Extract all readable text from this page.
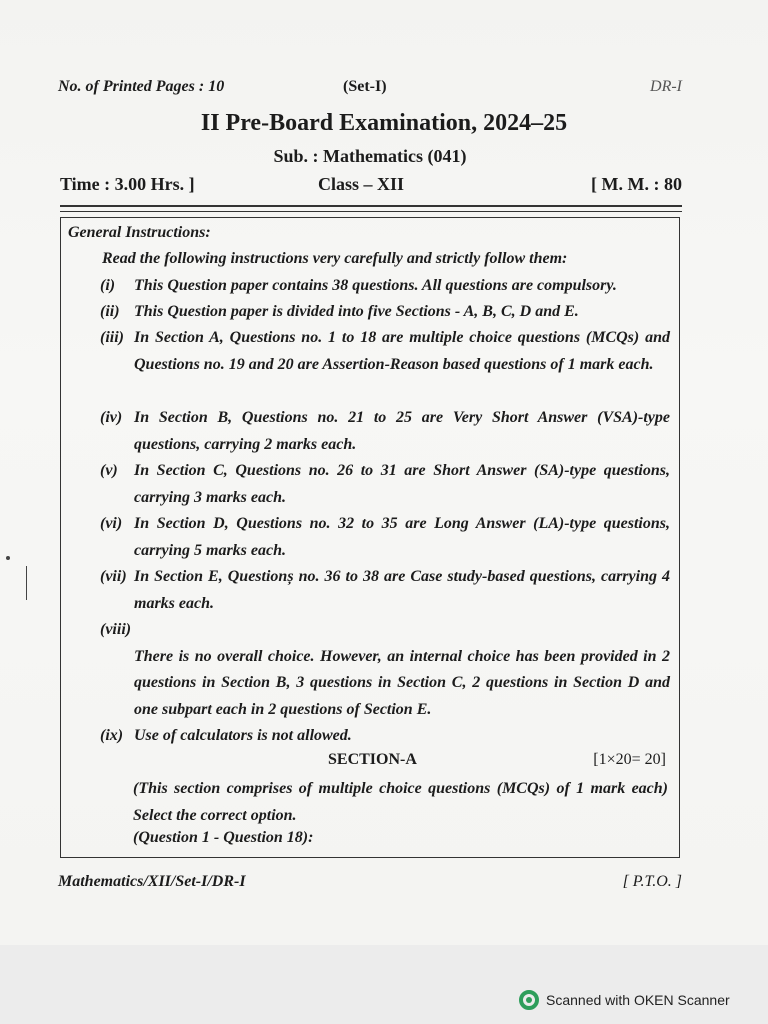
No. of Printed Pages : 10	(Set-I)	DR-I
II Pre-Board Examination, 2024–25
Sub. : Mathematics (041)
Time : 3.00 Hrs. ]	Class – XII	[ M. M. : 80
General Instructions:
Read the following instructions very carefully and strictly follow them:
(i)	This Question paper contains 38 questions. All questions are compulsory.
(ii) This Question paper is divided into five Sections - A, B, C, D and E.
(iii) In Section A, Questions no. 1 to 18 are multiple choice questions (MCQs) and Questions no. 19 and 20 are Assertion-Reason based questions of 1 mark each.
(iv) In Section B, Questions no. 21 to 25 are Very Short Answer (VSA)-type questions, carrying 2 marks each.
(v)	In Section C, Questions no. 26 to 31 are Short Answer (SA)-type questions, carrying 3 marks each.
(vi) In Section D, Questions no. 32 to 35 are Long Answer (LA)-type questions, carrying 5 marks each.
(vii) In Section E, Questionș no. 36 to 38 are Case study-based questions, carrying 4 marks each.
(viii)
There is no overall choice. However, an internal choice has been provided in 2 questions in Section B, 3 questions in Section C, 2 questions in Section D and one subpart each in 2 questions of Section E.
(ix) Use of calculators is not allowed.
SECTION-A	[1×20= 20]
(This section comprises of multiple choice questions (MCQs) of 1 mark each) Select the correct option.
(Question 1 - Question 18):
Mathematics/XII/Set-I/DR-I	[ P.T.O. ]
Scanned with OKEN Scanner
